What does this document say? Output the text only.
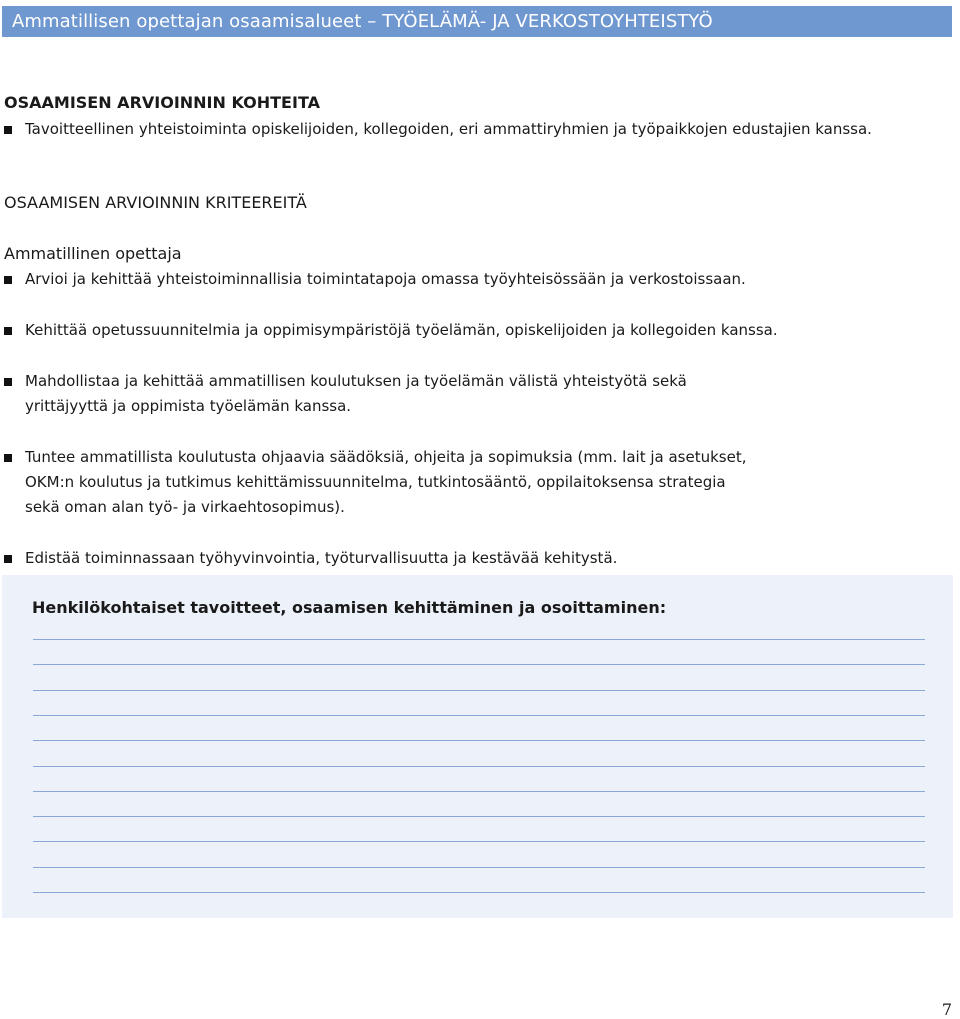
Ammatillisen opettajan osaamisalueet – TYÖELÄMÄ- JA VERKOSTOYHTEISTYÖ
OSAAMISEN ARVIOINNIN KOHTEITA
Tavoitteellinen yhteistoiminta opiskelijoiden, kollegoiden, eri ammattiryhmien ja työpaikkojen edustajien kanssa.
OSAAMISEN ARVIOINNIN KRITEEREITÄ
Ammatillinen opettaja
Arvioi ja kehittää yhteistoiminnallisia toimintatapoja omassa työyhteisössään ja verkostoissaan.
Kehittää opetussuunnitelmia ja oppimisympäristöjä työelämän, opiskelijoiden ja kollegoiden kanssa.
Mahdollistaa ja kehittää ammatillisen koulutuksen ja työelämän välistä yhteistyötä sekä
yrittäjyyttä ja oppimista työelämän kanssa.
Tuntee ammatillista koulutusta ohjaavia säädöksiä, ohjeita ja sopimuksia (mm. lait ja asetukset,
OKM:n koulutus ja tutkimus kehittämissuunnitelma, tutkintosääntö, oppilaitoksensa strategia
sekä oman alan työ- ja virkaehtosopimus).
Edistää toiminnassaan työhyvinvointia, työturvallisuutta ja kestävää kehitystä.
Henkilökohtaiset tavoitteet, osaamisen kehittäminen ja osoittaminen:
7
